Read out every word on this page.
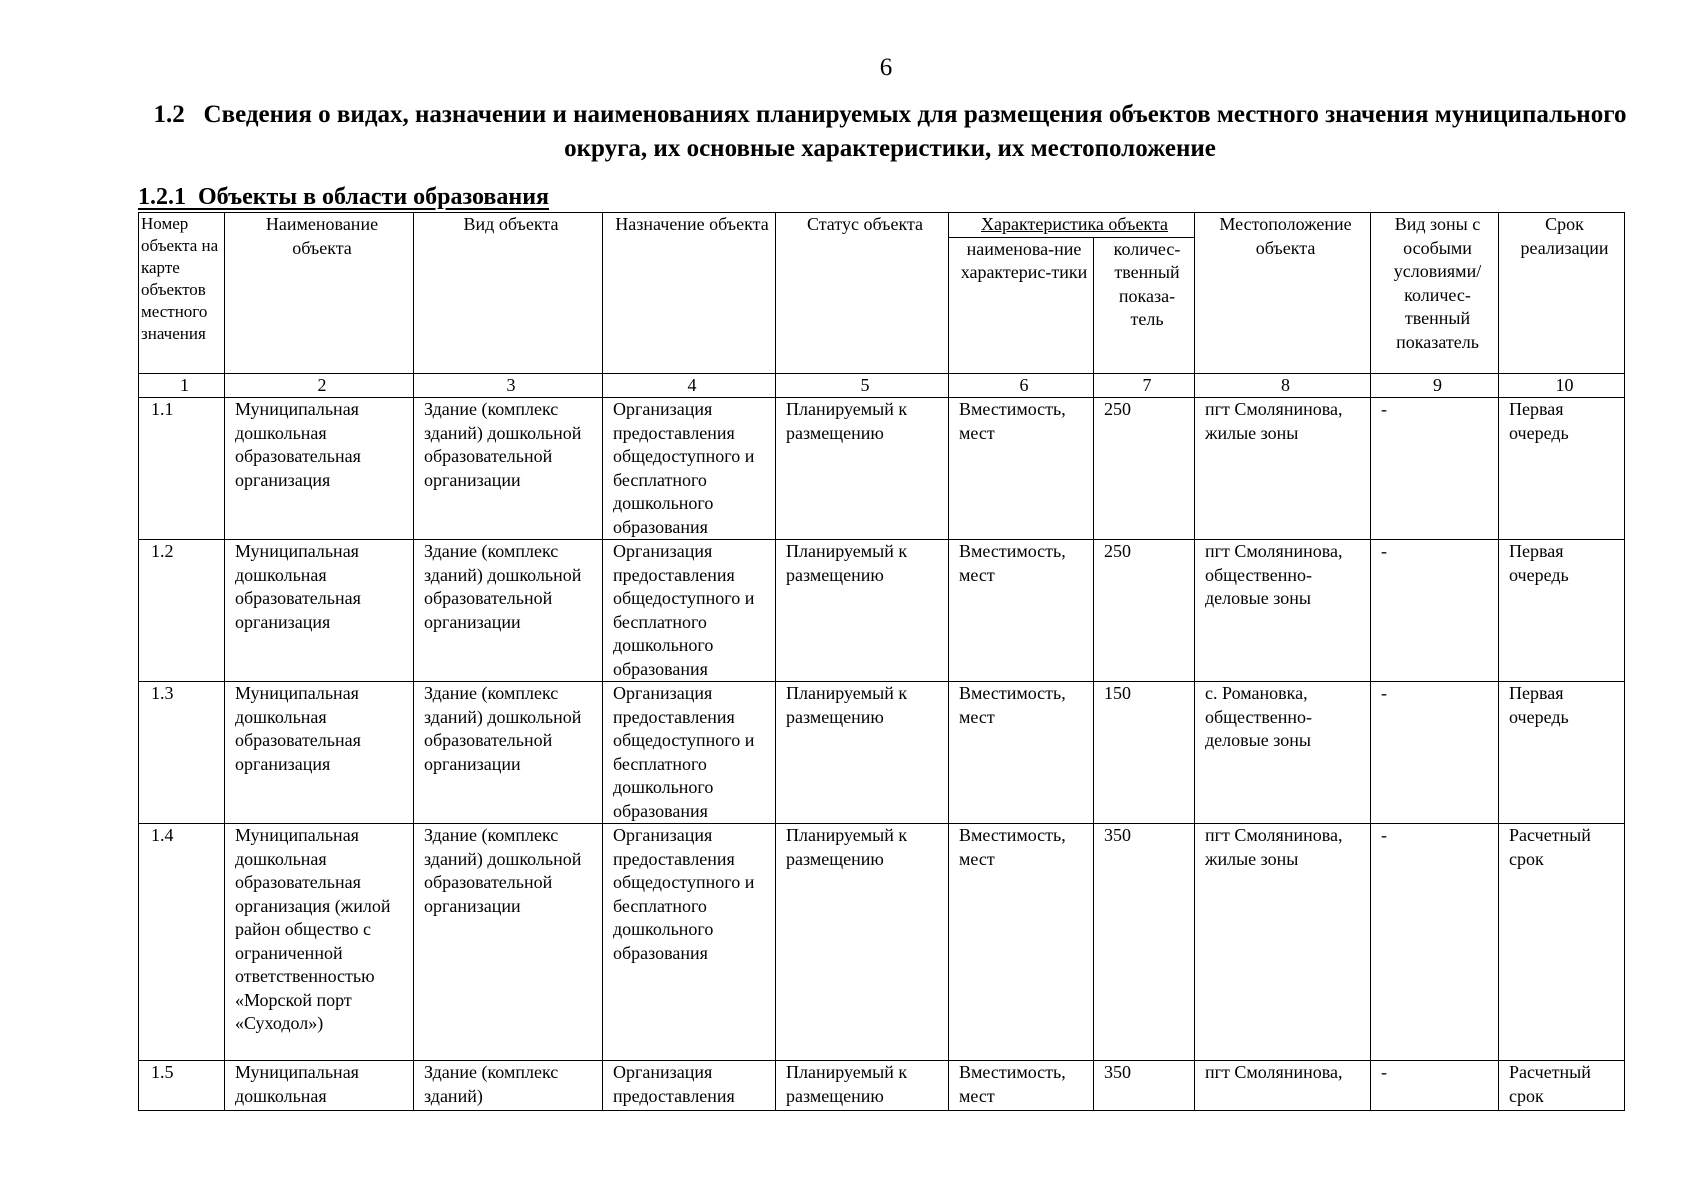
6
1.2 Сведения о видах, назначении и наименованиях планируемых для размещения объектов местного значения муниципального округа, их основные характеристики, их местоположение
1.2.1 Объекты в области образования
Номер объекта на карте объектов местного значения	Наименование объекта	Вид объекта	Назначение объекта	Статус объекта	Характеристика объекта		Местоположение объекта	Вид зоны с особыми условиями/ количес-твенный показатель	Срок реализации
					наименова-ние характерис-тики	количес-твенный показа-тель			
1	2	3	4	5	6	7	8	9	10
1.1	Муниципальная дошкольная образовательная организация	Здание (комплекс зданий) дошкольной образовательной организации	Организация предоставления общедоступного и бесплатного дошкольного образования	Планируемый к размещению	Вместимость, мест	250	пгт Смолянинова, жилые зоны	-	Первая очередь
1.2	Муниципальная дошкольная образовательная организация	Здание (комплекс зданий) дошкольной образовательной организации	Организация предоставления общедоступного и бесплатного дошкольного образования	Планируемый к размещению	Вместимость, мест	250	пгт Смолянинова, общественно-деловые зоны	-	Первая очередь
1.3	Муниципальная дошкольная образовательная организация	Здание (комплекс зданий) дошкольной образовательной организации	Организация предоставления общедоступного и бесплатного дошкольного образования	Планируемый к размещению	Вместимость, мест	150	с. Романовка, общественно-деловые зоны	-	Первая очередь
1.4	Муниципальная дошкольная образовательная организация (жилой район общество с ограниченной ответственностью «Морской порт «Суходол»)	Здание (комплекс зданий) дошкольной образовательной организации	Организация предоставления общедоступного и бесплатного дошкольного образования	Планируемый к размещению	Вместимость, мест	350	пгт Смолянинова, жилые зоны	-	Расчетный срок
1.5	Муниципальная дошкольная	Здание (комплекс зданий)	Организация предоставления	Планируемый к размещению	Вместимость, мест	350	пгт Смолянинова,	-	Расчетный срок
